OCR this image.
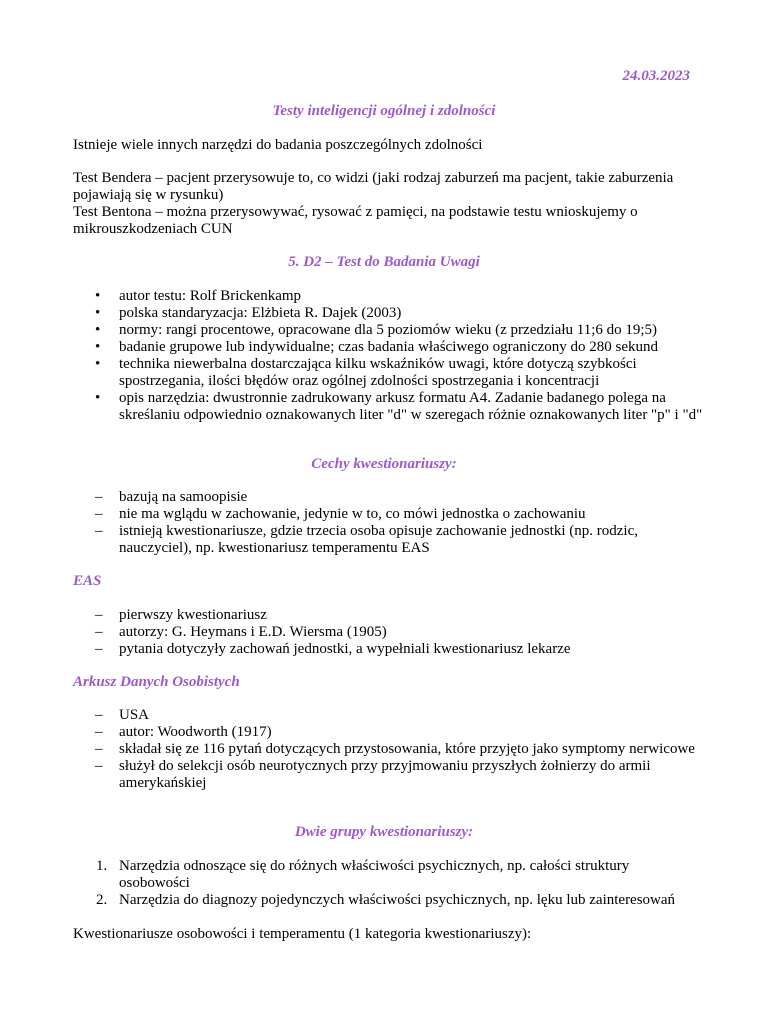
24.03.2023
Testy inteligencji ogólnej i zdolności

Istnieje wiele innych narzędzi do badania poszczególnych zdolności

Test Bendera – pacjent przerysowuje to, co widzi (jaki rodzaj zaburzeń ma pacjent, takie zaburzenia pojawiają się w rysunku)

Test Bentona – można przerysowywać, rysować z pamięci, na podstawie testu wnioskujemy o mikrouszkodzeniach CUN

5. D2 – Test do Badania Uwagi
• autor testu: Rolf Brickenkamp
• polska standaryzacja: Elżbieta R. Dajek (2003)
• normy: rangi procentowe, opracowane dla 5 poziomów wieku (z przedziału 11;6 do 19;5)
• badanie grupowe lub indywidualne; czas badania właściwego ograniczony do 280 sekund
• technika niewerbalna dostarczająca kilku wskaźników uwagi, które dotyczą szybkości spostrzegania, ilości błędów oraz ogólnej zdolności spostrzegania i koncentracji
• opis narzędzia: dwustronnie zadrukowany arkusz formatu A4. Zadanie badanego polega na skreślaniu odpowiednio oznakowanych liter "d" w szeregach różnie oznakowanych liter "p" i "d"
Cechy kwestionariuszy:
– bazują na samoopisie
– nie ma wglądu w zachowanie, jedynie w to, co mówi jednostka o zachowaniu
– istnieją kwestionariusze, gdzie trzecia osoba opisuje zachowanie jednostki (np. rodzic, nauczyciel), np. kwestionariusz temperamentu EAS
EAS
– pierwszy kwestionariusz
– autorzy: G. Heymans i E.D. Wiersma (1905)
– pytania dotyczyły zachowań jednostki, a wypełniali kwestionariusz lekarze
Arkusz Danych Osobistych
– USA
– autor: Woodworth (1917)
– składał się ze 116 pytań dotyczących przystosowania, które przyjęto jako symptomy nerwicowe
– służył do selekcji osób neurotycznych przy przyjmowaniu przyszłych żołnierzy do armii amerykańskiej
Dwie grupy kwestionariuszy:
1. Narzędzia odnoszące się do różnych właściwości psychicznych, np. całości struktury osobowości
2. Narzędzia do diagnozy pojedynczych właściwości psychicznych, np. lęku lub zainteresowań

Kwestionariusze osobowości i temperamentu (1 kategoria kwestionariuszy):
